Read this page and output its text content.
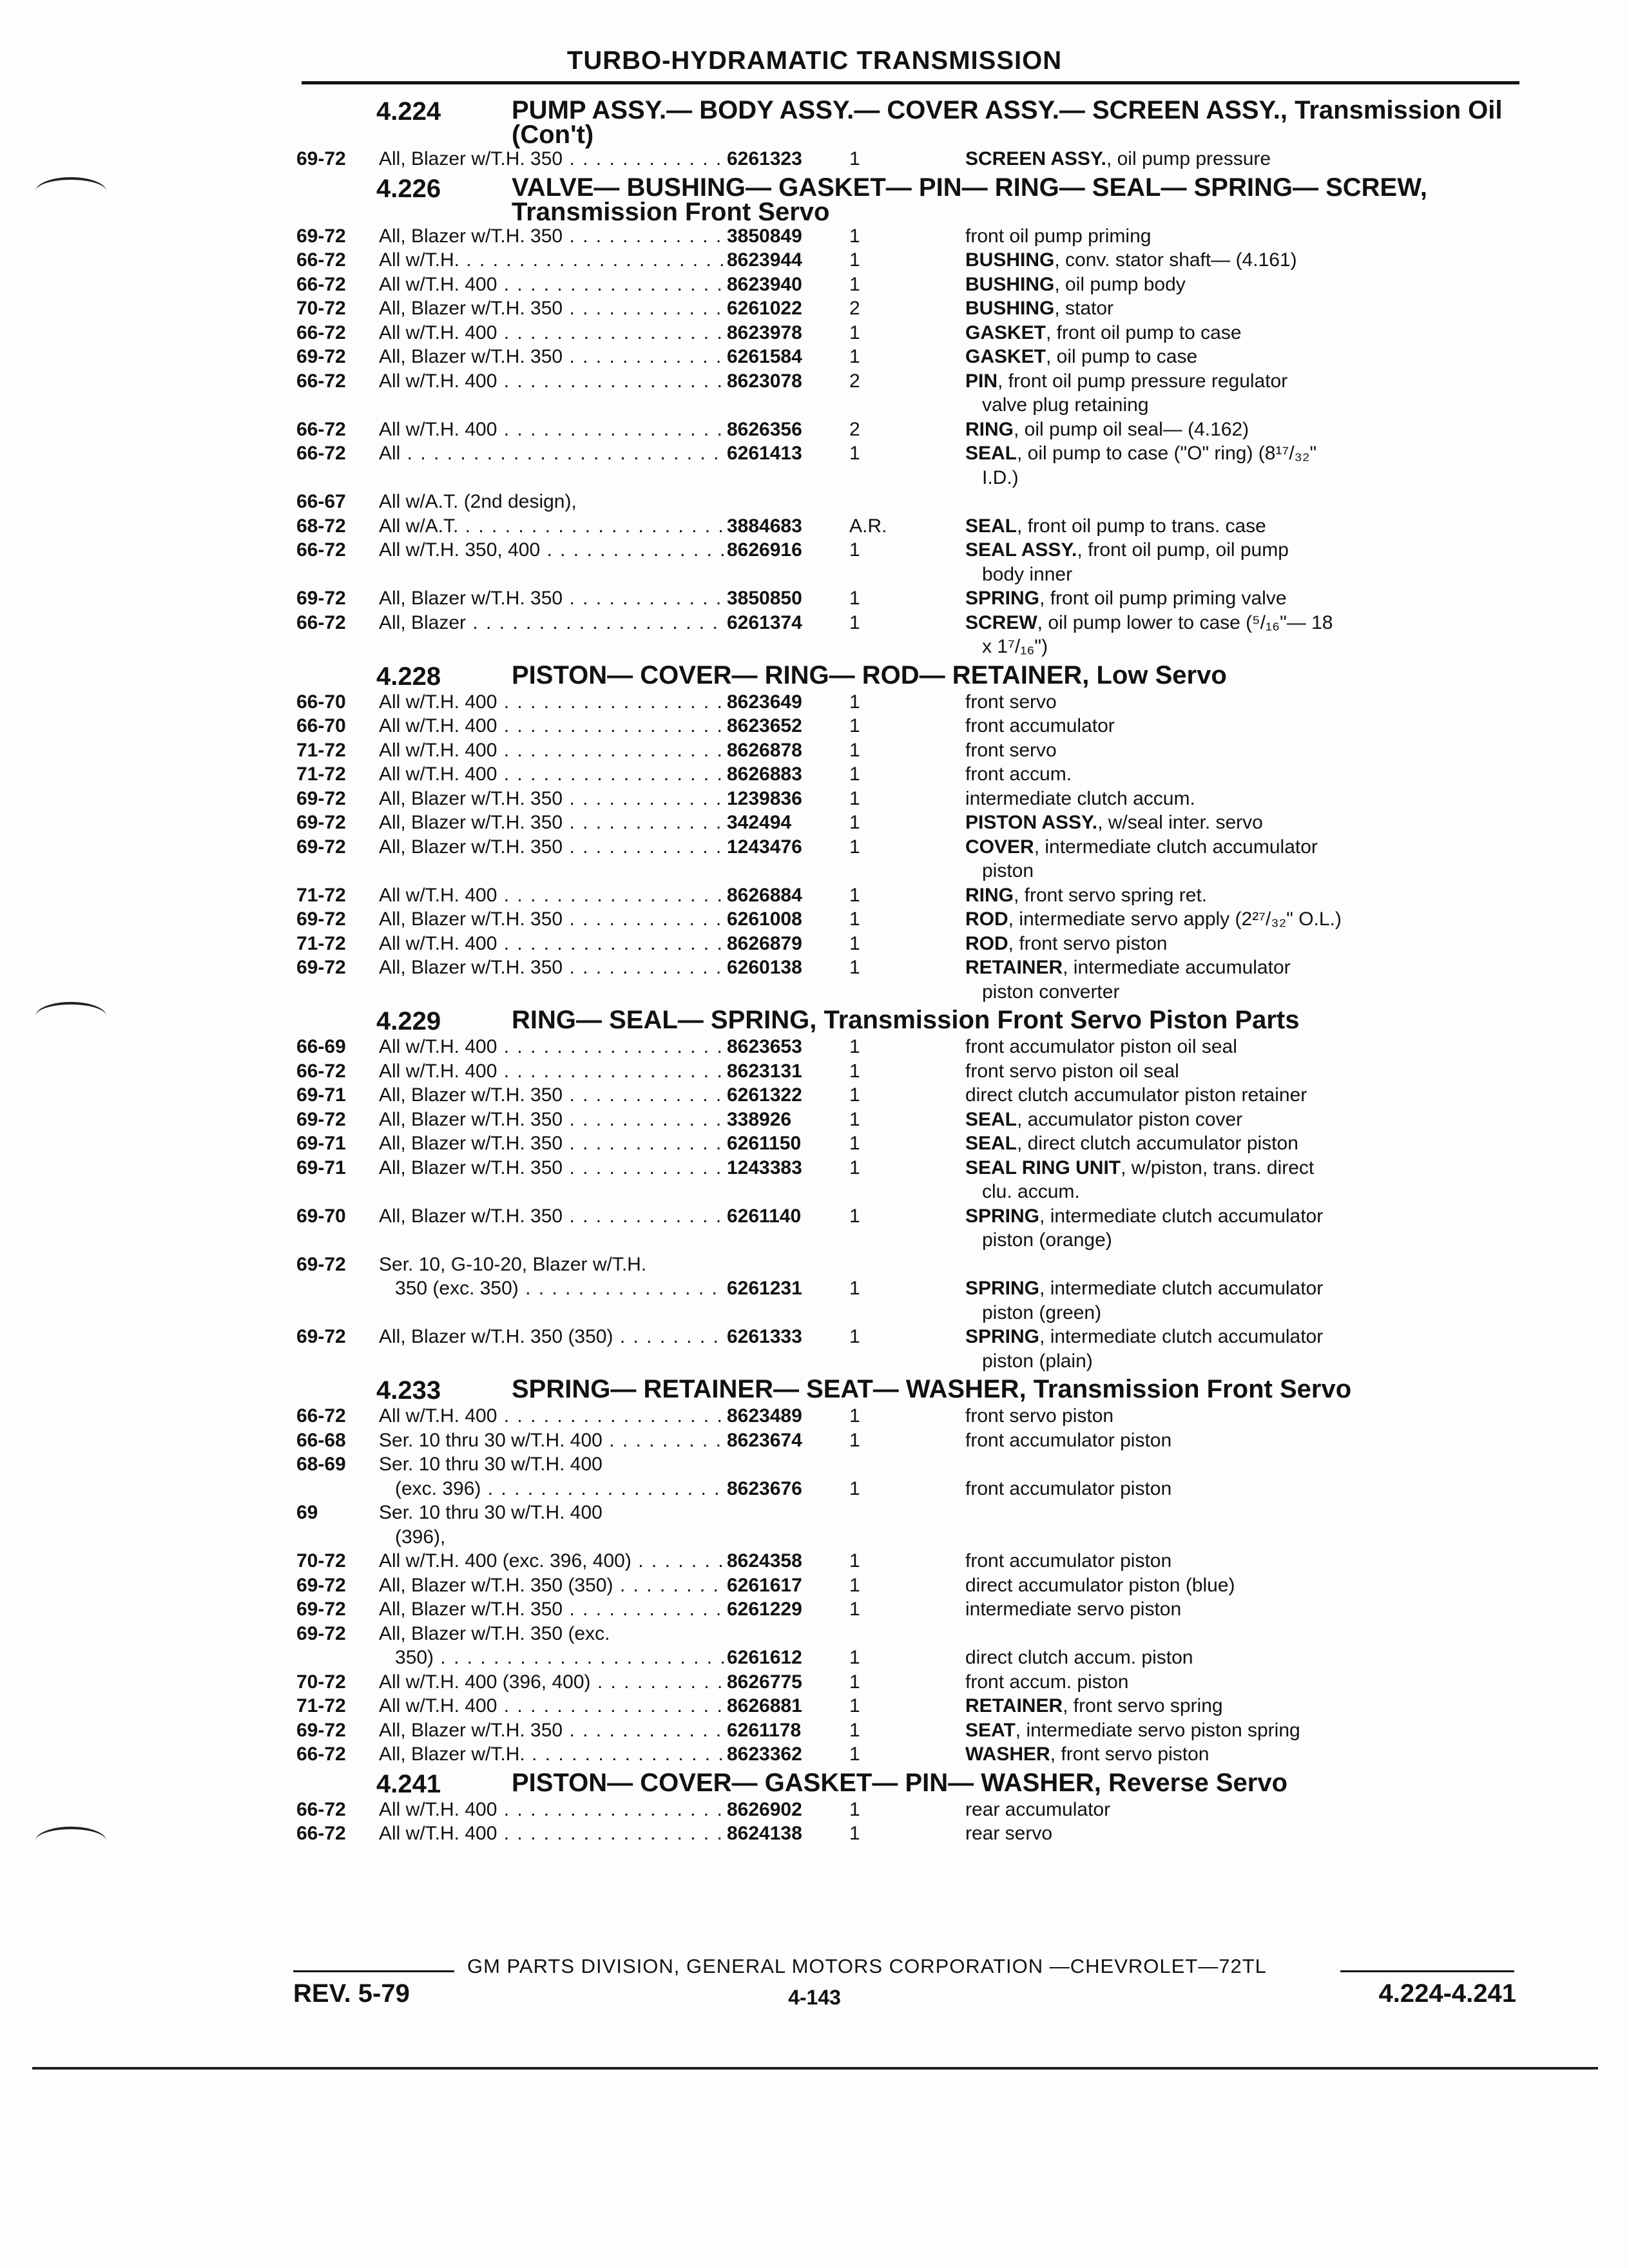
TURBO-HYDRAMATIC TRANSMISSION
4.224	PUMP ASSY.— BODY ASSY.— COVER ASSY.— SCREEN ASSY., Transmission Oil (Con't)
69-72	All, Blazer w/T.H. 350 . . .	6261323	1	SCREEN ASSY., oil pump pressure
4.226	VALVE— BUSHING— GASKET— PIN— RING— SEAL— SPRING— SCREW, Transmission Front Servo
69-72	All, Blazer w/T.H. 350 . . .	3850849	1	front oil pump priming
66-72	All w/T.H. . . .	8623944	1	BUSHING, conv. stator shaft— (4.161)
66-72	All w/T.H. 400 . . .	8623940	1	BUSHING, oil pump body
70-72	All, Blazer w/T.H. 350 . . .	6261022	2	BUSHING, stator
66-72	All w/T.H. 400 . . .	8623978	1	GASKET, front oil pump to case
69-72	All, Blazer w/T.H. 350 . . .	6261584	1	GASKET, oil pump to case
66-72	All w/T.H. 400 . . .	8623078	2	PIN, front oil pump pressure regulator
valve plug retaining
66-72	All w/T.H. 400 . . .	8626356	2	RING, oil pump oil seal— (4.162)
66-72	All . . .	6261413	1	SEAL, oil pump to case ("O" ring) (8¹⁷/₃₂"
I.D.)
66-67	All w/A.T. (2nd design),
68-72	All w/A.T. . . .	3884683	A.R.	SEAL, front oil pump to trans. case
66-72	All w/T.H. 350, 400 . . .	8626916	1	SEAL ASSY., front oil pump, oil pump
body inner
69-72	All, Blazer w/T.H. 350 . . .	3850850	1	SPRING, front oil pump priming valve
66-72	All, Blazer . . .	6261374	1	SCREW, oil pump lower to case (⁵/₁₆"— 18
x 1⁷/₁₆")
4.228	PISTON— COVER— RING— ROD— RETAINER, Low Servo
66-70	All w/T.H. 400 . . .	8623649	1	front servo
66-70	All w/T.H. 400 . . .	8623652	1	front accumulator
71-72	All w/T.H. 400 . . .	8626878	1	front servo
71-72	All w/T.H. 400 . . .	8626883	1	front accum.
69-72	All, Blazer w/T.H. 350 . . .	1239836	1	intermediate clutch accum.
69-72	All, Blazer w/T.H. 350 . . .	342494	1	PISTON ASSY., w/seal inter. servo
69-72	All, Blazer w/T.H. 350 . . .	1243476	1	COVER, intermediate clutch accumulator
piston
71-72	All w/T.H. 400 . . .	8626884	1	RING, front servo spring ret.
69-72	All, Blazer w/T.H. 350 . . .	6261008	1	ROD, intermediate servo apply (2²⁷/₃₂" O.L.)
71-72	All w/T.H. 400 . . .	8626879	1	ROD, front servo piston
69-72	All, Blazer w/T.H. 350 . . .	6260138	1	RETAINER, intermediate accumulator
piston converter
4.229	RING— SEAL— SPRING, Transmission Front Servo Piston Parts
66-69	All w/T.H. 400 . . .	8623653	1	front accumulator piston oil seal
66-72	All w/T.H. 400 . . .	8623131	1	front servo piston oil seal
69-71	All, Blazer w/T.H. 350 . . .	6261322	1	direct clutch accumulator piston retainer
69-72	All, Blazer w/T.H. 350 . . .	338926	1	SEAL, accumulator piston cover
69-71	All, Blazer w/T.H. 350 . . .	6261150	1	SEAL, direct clutch accumulator piston
69-71	All, Blazer w/T.H. 350 . . .	1243383	1	SEAL RING UNIT, w/piston, trans. direct
clu. accum.
69-70	All, Blazer w/T.H. 350 . . .	6261140	1	SPRING, intermediate clutch accumulator
piston (orange)
69-72	Ser. 10, G-10-20, Blazer w/T.H.
350 (exc. 350) . . .	6261231	1	SPRING, intermediate clutch accumulator
piston (green)
69-72	All, Blazer w/T.H. 350 (350) . . .	6261333	1	SPRING, intermediate clutch accumulator
piston (plain)
4.233	SPRING— RETAINER— SEAT— WASHER, Transmission Front Servo
66-72	All w/T.H. 400 . . .	8623489	1	front servo piston
66-68	Ser. 10 thru 30 w/T.H. 400 . . .	8623674	1	front accumulator piston
68-69	Ser. 10 thru 30 w/T.H. 400
(exc. 396) . . .	8623676	1	front accumulator piston
69	Ser. 10 thru 30 w/T.H. 400
(396),
70-72	All w/T.H. 400 (exc. 396, 400) . . .	8624358	1	front accumulator piston
69-72	All, Blazer w/T.H. 350 (350) . . .	6261617	1	direct accumulator piston (blue)
69-72	All, Blazer w/T.H. 350 . . .	6261229	1	intermediate servo piston
69-72	All, Blazer w/T.H. 350 (exc.
350) . . .	6261612	1	direct clutch accum. piston
70-72	All w/T.H. 400 (396, 400) . . .	8626775	1	front accum. piston
71-72	All w/T.H. 400 . . .	8626881	1	RETAINER, front servo spring
69-72	All, Blazer w/T.H. 350 . . .	6261178	1	SEAT, intermediate servo piston spring
66-72	All, Blazer w/T.H. . . .	8623362	1	WASHER, front servo piston
4.241	PISTON— COVER— GASKET— PIN— WASHER, Reverse Servo
66-72	All w/T.H. 400 . . .	8626902	1	rear accumulator
66-72	All w/T.H. 400 . . .	8624138	1	rear servo
GM PARTS DIVISION, GENERAL MOTORS CORPORATION —CHEVROLET—72TL
REV. 5-79	4-143	4.224-4.241
